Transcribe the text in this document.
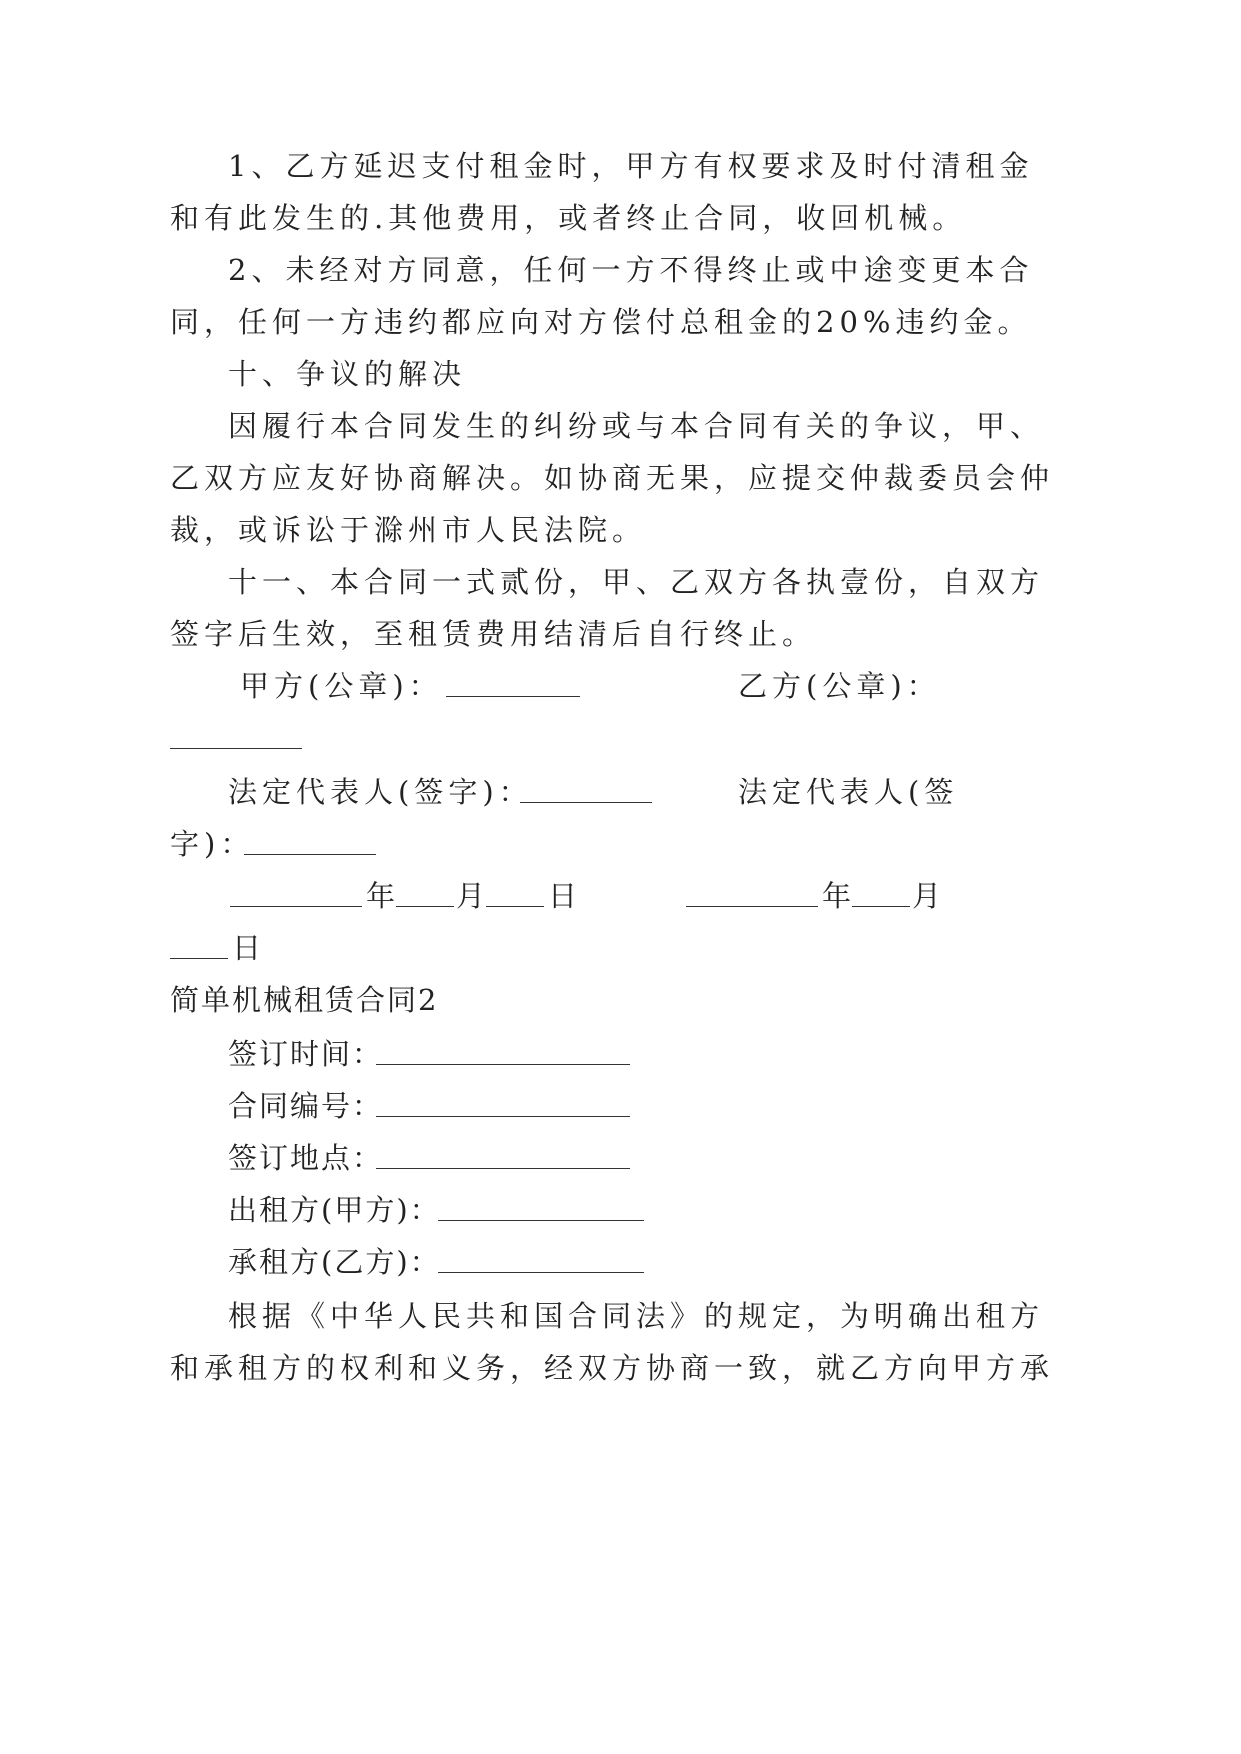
1、乙方延迟支付租金时，甲方有权要求及时付清租金
和有此发生的.其他费用，或者终止合同，收回机械。
2、未经对方同意，任何一方不得终止或中途变更本合
同，任何一方违约都应向对方偿付总租金的20%违约金。
十、争议的解决
因履行本合同发生的纠纷或与本合同有关的争议，甲、
乙双方应友好协商解决。如协商无果，应提交仲裁委员会仲
裁，或诉讼于滁州市人民法院。
十一、本合同一式贰份，甲、乙双方各执壹份，自双方
签字后生效，至租赁费用结清后自行终止。
甲方(公章)：	乙方(公章)：
法定代表人(签字)：	法定代表人(签
字)：
年 月 日	年 月
日
简单机械租赁合同2
签订时间：
合同编号：
签订地点：
出租方(甲方)：
承租方(乙方)：
根据《中华人民共和国合同法》的规定，为明确出租方
和承租方的权利和义务，经双方协商一致，就乙方向甲方承
